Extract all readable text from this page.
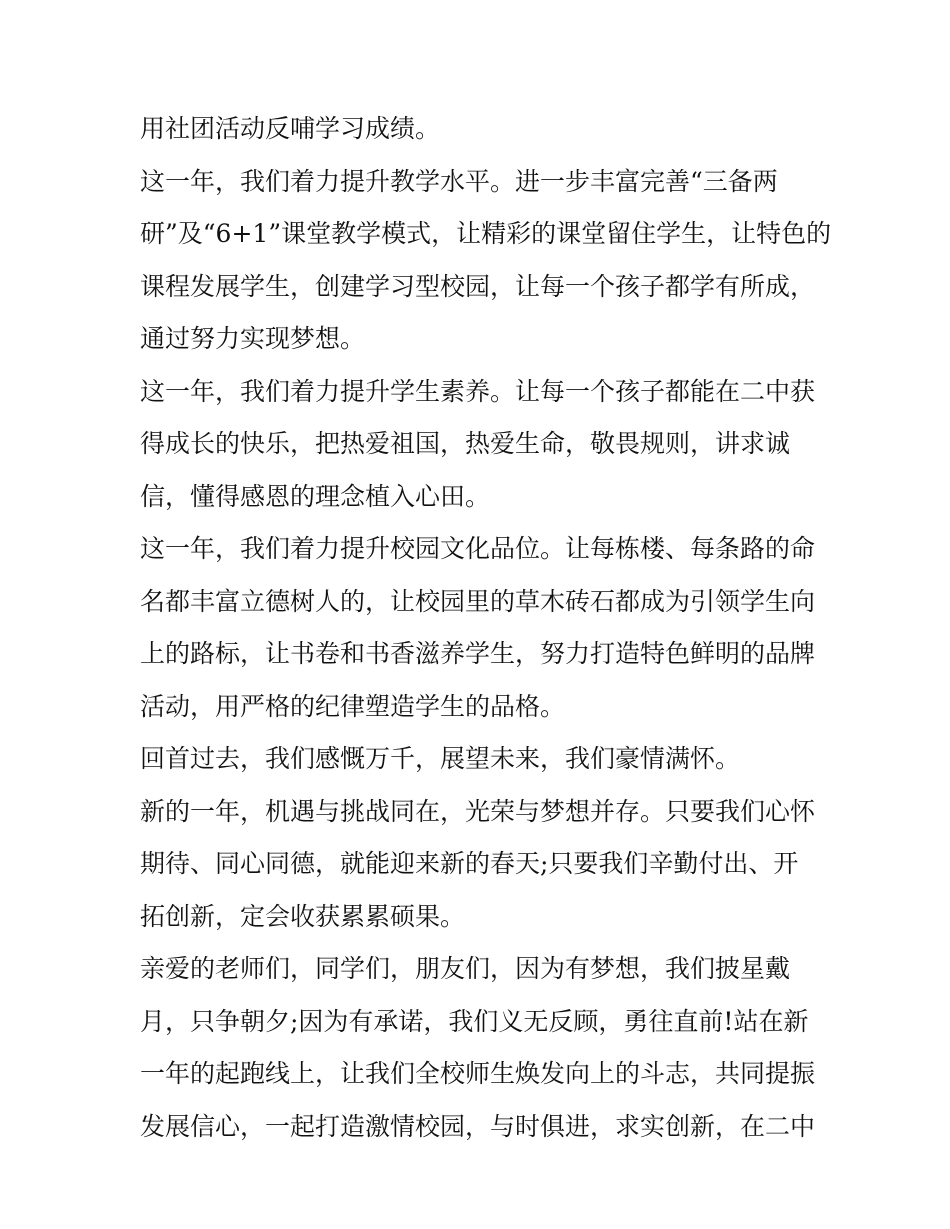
用社团活动反哺学习成绩。
这一年，我们着力提升教学水平。进一步丰富完善“三备两
研”及“6+1”课堂教学模式，让精彩的课堂留住学生，让特色的
课程发展学生，创建学习型校园，让每一个孩子都学有所成，
通过努力实现梦想。
这一年，我们着力提升学生素养。让每一个孩子都能在二中获
得成长的快乐，把热爱祖国，热爱生命，敬畏规则，讲求诚
信，懂得感恩的理念植入心田。
这一年，我们着力提升校园文化品位。让每栋楼、每条路的命
名都丰富立德树人的，让校园里的草木砖石都成为引领学生向
上的路标，让书卷和书香滋养学生，努力打造特色鲜明的品牌
活动，用严格的纪律塑造学生的品格。
回首过去，我们感慨万千，展望未来，我们豪情满怀。
新的一年，机遇与挑战同在，光荣与梦想并存。只要我们心怀
期待、同心同德，就能迎来新的春天;只要我们辛勤付出、开
拓创新，定会收获累累硕果。
亲爱的老师们，同学们，朋友们，因为有梦想，我们披星戴
月，只争朝夕;因为有承诺，我们义无反顾，勇往直前!站在新
一年的起跑线上，让我们全校师生焕发向上的斗志，共同提振
发展信心，一起打造激情校园，与时俱进，求实创新，在二中
